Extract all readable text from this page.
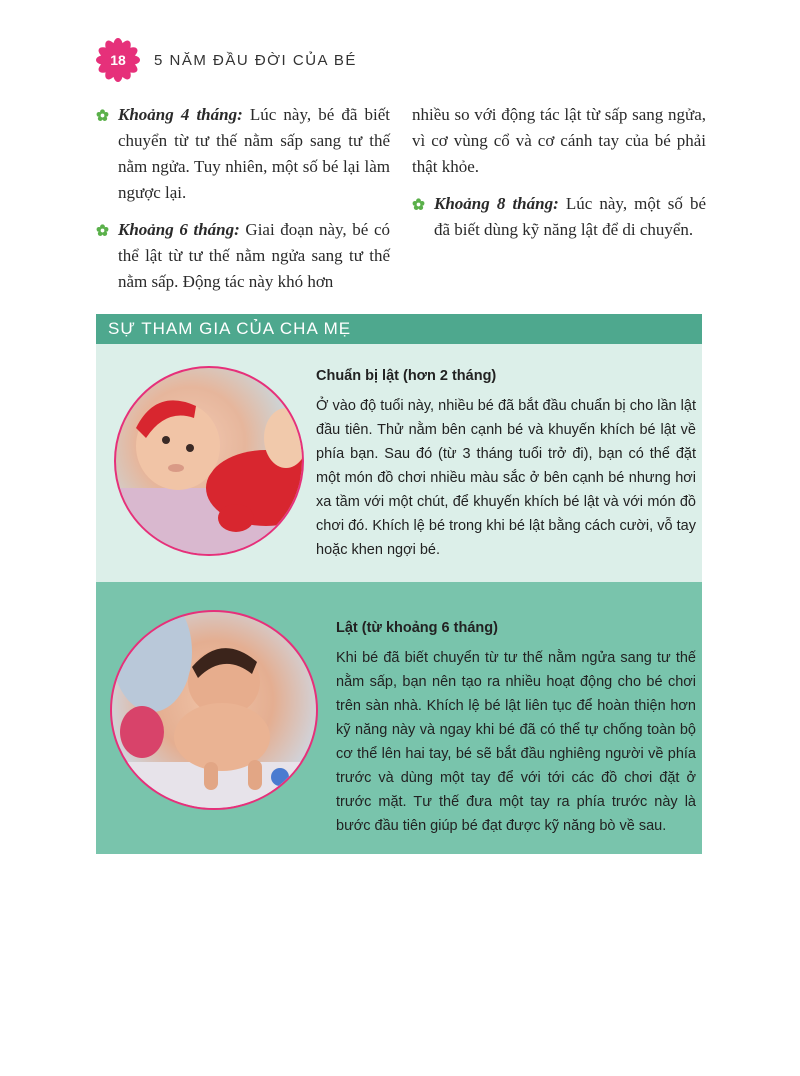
18	5 NĂM ĐẦU ĐỜI CỦA BÉ

Khoảng 4 tháng: Lúc này, bé đã biết chuyển từ tư thế nằm sấp sang tư thế nằm ngửa. Tuy nhiên, một số bé lại làm ngược lại.

Khoảng 6 tháng: Giai đoạn này, bé có thể lật từ tư thế nằm ngửa sang tư thế nằm sấp. Động tác này khó hơn

nhiều so với động tác lật từ sấp sang ngửa, vì cơ vùng cổ và cơ cánh tay của bé phải thật khỏe.

Khoảng 8 tháng: Lúc này, một số bé đã biết dùng kỹ năng lật để di chuyển.

SỰ THAM GIA CỦA CHA MẸ
Chuẩn bị lật (hơn 2 tháng)
Ở vào độ tuổi này, nhiều bé đã bắt đầu chuẩn bị cho lần lật đầu tiên. Thử nằm bên cạnh bé và khuyến khích bé lật về phía bạn. Sau đó (từ 3 tháng tuổi trở đi), bạn có thể đặt một món đồ chơi nhiều màu sắc ở bên cạnh bé nhưng hơi xa tầm với một chút, để khuyến khích bé lật và với món đồ chơi đó. Khích lệ bé trong khi bé lật bằng cách cười, vỗ tay hoặc khen ngợi bé.
Lật (từ khoảng 6 tháng)
Khi bé đã biết chuyển từ tư thế nằm ngửa sang tư thế nằm sấp, bạn nên tạo ra nhiều hoạt động cho bé chơi trên sàn nhà. Khích lệ bé lật liên tục để hoàn thiện hơn kỹ năng này và ngay khi bé đã có thể tự chống toàn bộ cơ thể lên hai tay, bé sẽ bắt đầu nghiêng người về phía trước và dùng một tay để với tới các đồ chơi đặt ở trước mặt. Tư thế đưa một tay ra phía trước này là bước đầu tiên giúp bé đạt được kỹ năng bò về sau.
